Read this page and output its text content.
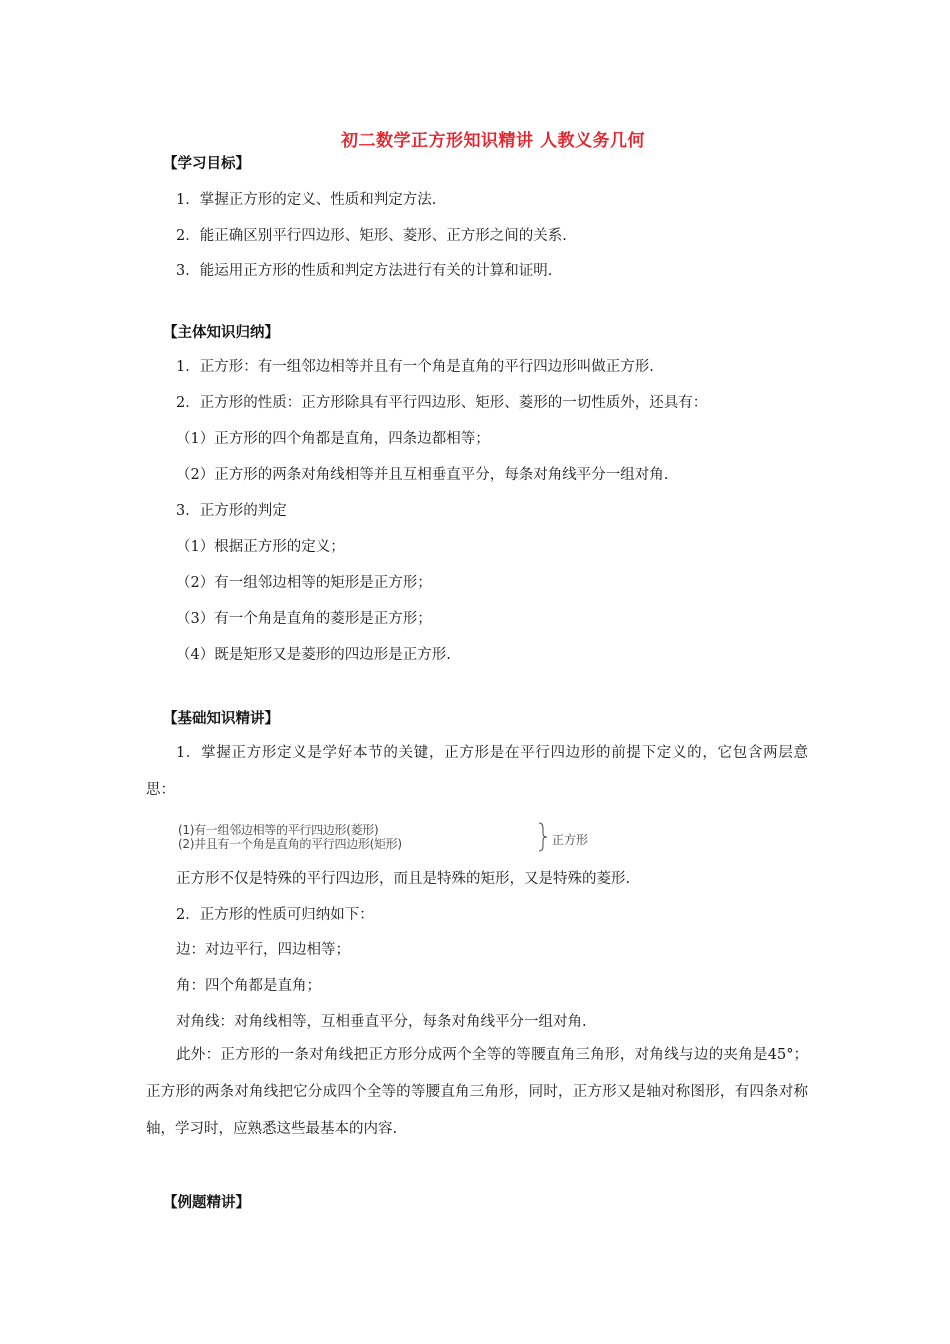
初二数学正方形知识精讲 人教义务几何
【学习目标】
1．掌握正方形的定义、性质和判定方法.
2．能正确区别平行四边形、矩形、菱形、正方形之间的关系.
3．能运用正方形的性质和判定方法进行有关的计算和证明.
【主体知识归纳】
1．正方形：有一组邻边相等并且有一个角是直角的平行四边形叫做正方形.
2．正方形的性质：正方形除具有平行四边形、矩形、菱形的一切性质外，还具有：
（1）正方形的四个角都是直角，四条边都相等；
（2）正方形的两条对角线相等并且互相垂直平分，每条对角线平分一组对角.
3．正方形的判定
（1）根据正方形的定义；
（2）有一组邻边相等的矩形是正方形；
（3）有一个角是直角的菱形是正方形；
（4）既是矩形又是菱形的四边形是正方形.
【基础知识精讲】
1．掌握正方形定义是学好本节的关键，正方形是在平行四边形的前提下定义的，它包含两层意思：
(1)有一组邻边相等的平行四边形(菱形)
(2)并且有一个角是直角的平行四边形(矩形)	正方形
正方形不仅是特殊的平行四边形，而且是特殊的矩形，又是特殊的菱形.
2．正方形的性质可归纳如下：
边：对边平行，四边相等；
角：四个角都是直角；
对角线：对角线相等，互相垂直平分，每条对角线平分一组对角.
此外：正方形的一条对角线把正方形分成两个全等的等腰直角三角形，对角线与边的夹角是45°；正方形的两条对角线把它分成四个全等的等腰直角三角形，同时，正方形又是轴对称图形，有四条对称轴，学习时，应熟悉这些最基本的内容.
【例题精讲】
